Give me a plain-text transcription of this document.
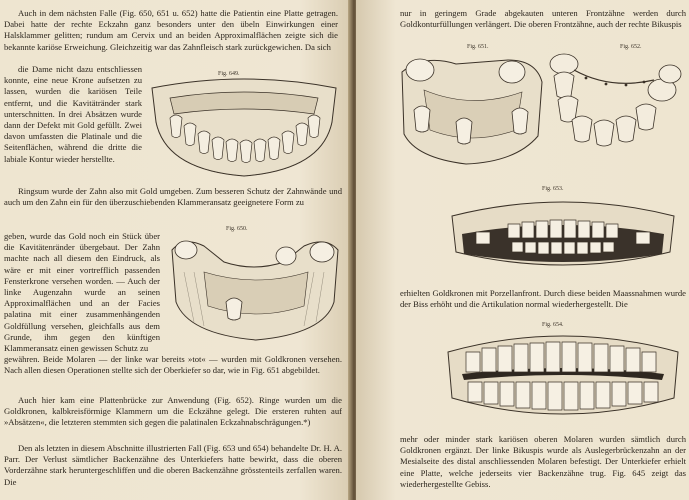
Auch in dem nächsten Falle (Fig. 650, 651 u. 652) hatte die Patientin eine Platte getragen. Dabei hatte der rechte Eckzahn ganz besonders unter den übeln Einwirkungen einer Halsklammer gelitten; rundum am Cervix und an beiden Approximalflächen zeigte sich die bekannte kariöse Erweichung. Gleichzeitig war das Zahnfleisch stark zurückgewichen. Da sich

Fig. 649.

die Dame nicht dazu entschliessen konnte, eine neue Krone aufsetzen zu lassen, wurden die kariösen Teile entfernt, und die Kavitätränder stark unterschnitten. In drei Absätzen wurde dann der Defekt mit Gold gefüllt. Zwei davon umfassten die Platinale und die Seitenflächen, während die dritte die labiale Kontur wieder herstellte.

Ringsum wurde der Zahn also mit Gold umgeben. Zum besseren Schutz der Zahnwände und auch um den Zahn ein für den überzuschiebenden Klammeransatz geeignetere Form zu

Fig. 650.

geben, wurde das Gold noch ein Stück über die Kavitätenränder übergebaut. Der Zahn machte nach all diesem den Eindruck, als wäre er mit einer vortrefflich passenden Fensterkrone versehen worden. — Auch der linke Augenzahn wurde an seinen Approximalflächen und an der Facies palatina mit einer zusammenhängenden Goldfüllung versehen, gleichfalls aus dem Grunde, ihm gegen den künftigen Klammeransatz einen gewissen Schutz zu

gewähren. Beide Molaren — der linke war bereits »tot« — wurden mit Goldkronen versehen. Nach allen diesen Operationen stellte sich der Oberkiefer so dar, wie in Fig. 651 abgebildet.

Auch hier kam eine Plattenbrücke zur Anwendung (Fig. 652). Ringe wurden um die Goldkronen, kalbkreisförmige Klammern um die Eckzähne gelegt. Die ersteren ruhten auf »Absätzen«, die letzteren stemmten sich gegen die palatinalen Eckzahnabschrägungen.*)

Den als letzten in diesem Abschnitte illustrierten Fall (Fig. 653 und 654) behandelte Dr. H. A. Parr. Der Verlust sämtlicher Backenzähne des Unterkiefers hatte bewirkt, dass die oberen Vorderzähne stark heruntergeschliffen und die oberen Backenzähne grösstenteils zerfallen waren. Die

nur in geringem Grade abgekauten unteren Frontzähne werden durch Goldkonturfüllungen verlängert. Die oberen Frontzähne, auch der rechte Bikuspis

Fig. 651.	Fig. 652.
Fig. 653.

erhielten Goldkronen mit Porzellanfront. Durch diese beiden Maassnahmen wurde der Biss erhöht und die Artikulation normal wiederhergestellt. Die

Fig. 654.

mehr oder minder stark kariösen oberen Molaren wurden sämtlich durch Goldkronen ergänzt. Der linke Bikuspis wurde als Auslegerbrückenzahn an der Mesialseite des distal anschliessenden Molaren befestigt. Der Unterkiefer erhielt eine Platte, welche jederseits vier Backenzähne trug. Fig. 645 zeigt das wiederhergestellte Gebiss.
